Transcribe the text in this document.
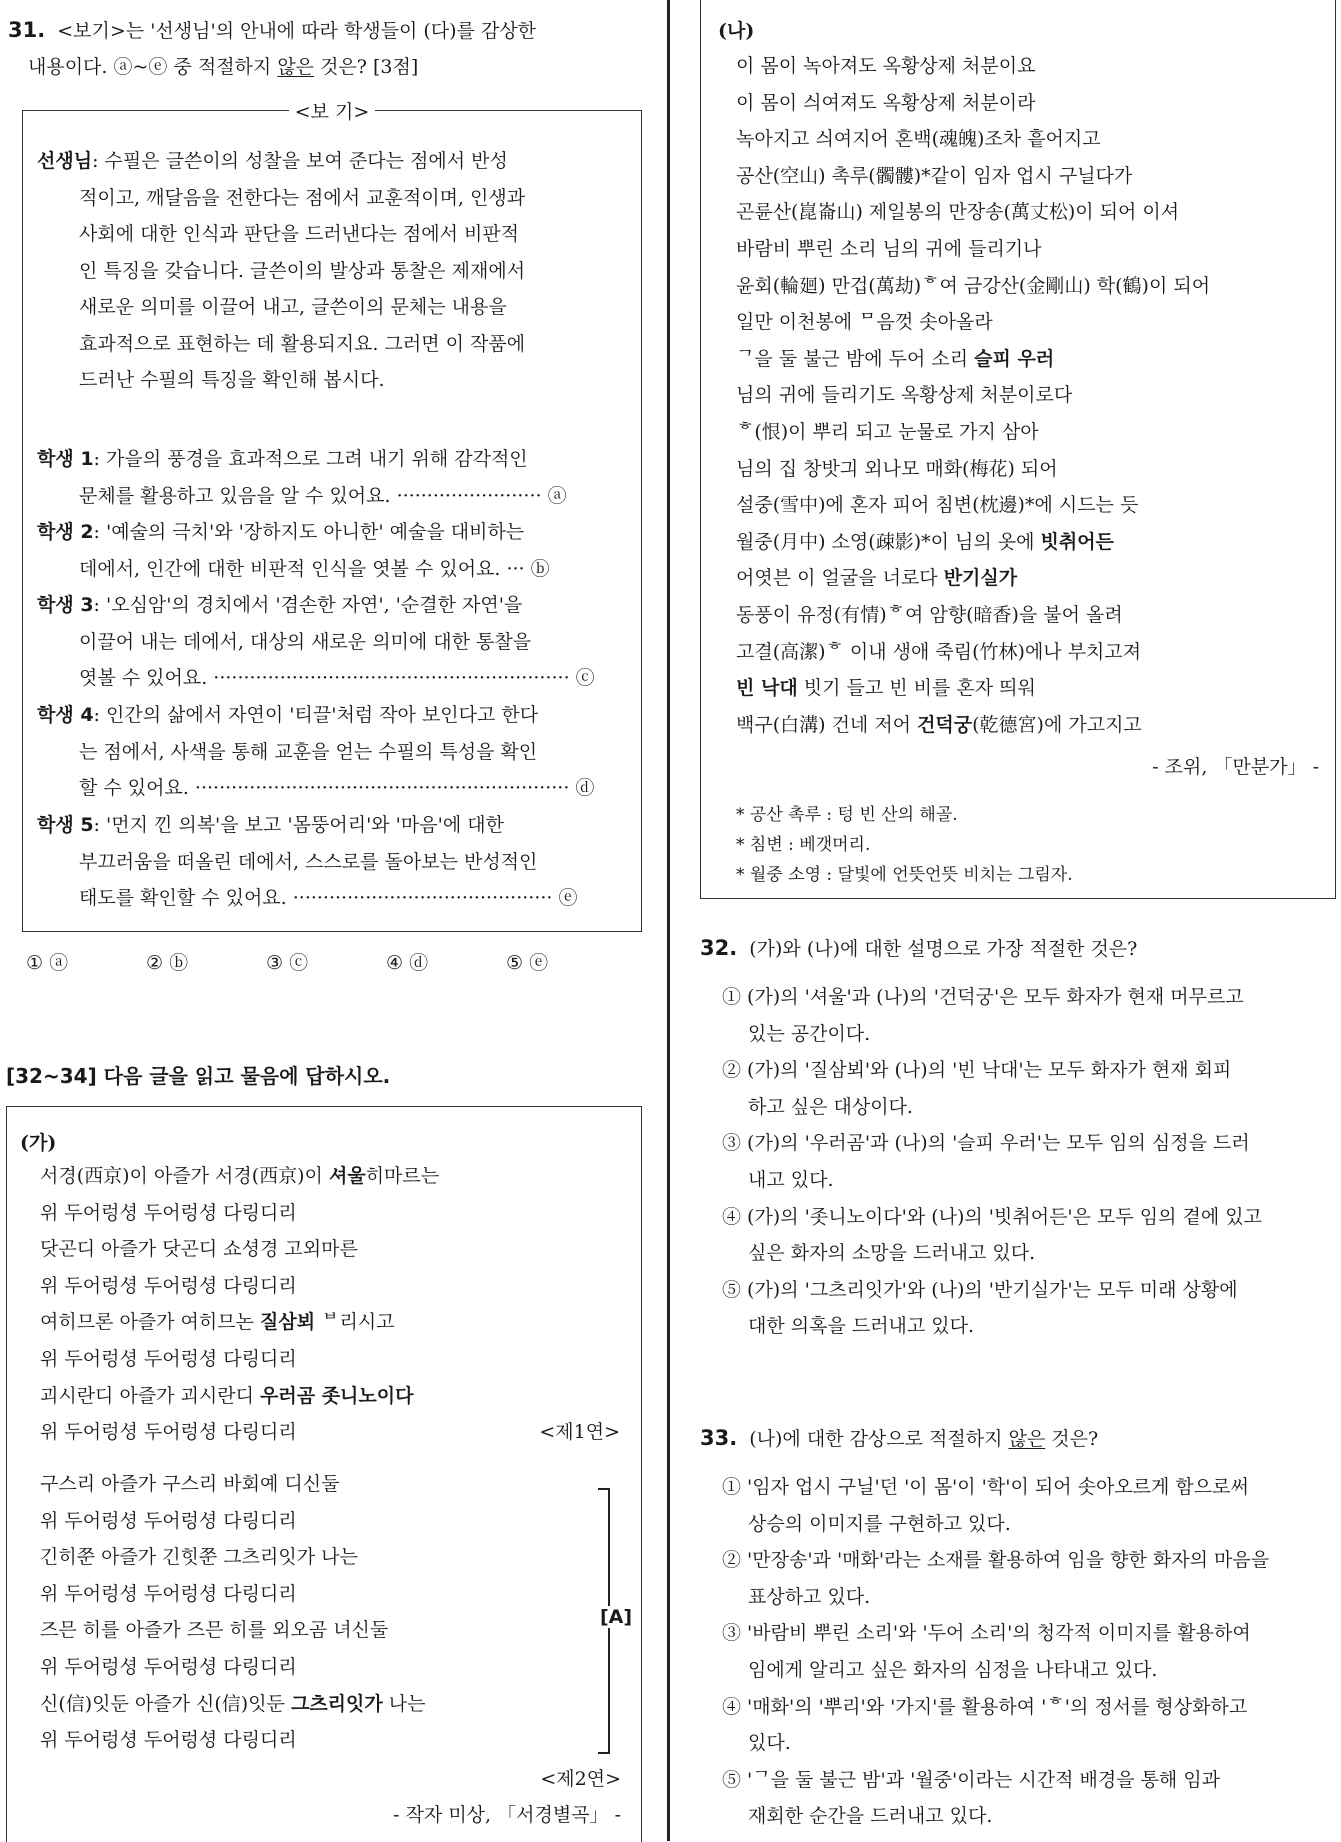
31. <보기>는 '선생님'의 안내에 따라 학생들이 (다)를 감상한
내용이다. ⓐ~ⓔ 중 적절하지 않은 것은? [3점]
<보 기>
선생님: 수필은 글쓴이의 성찰을 보여 준다는 점에서 반성
적이고, 깨달음을 전한다는 점에서 교훈적이며, 인생과
사회에 대한 인식과 판단을 드러낸다는 점에서 비판적
인 특징을 갖습니다. 글쓴이의 발상과 통찰은 제재에서
새로운 의미를 이끌어 내고, 글쓴이의 문체는 내용을
효과적으로 표현하는 데 활용되지요. 그러면 이 작품에
드러난 수필의 특징을 확인해 봅시다.
학생 1: 가을의 풍경을 효과적으로 그려 내기 위해 감각적인
문체를 활용하고 있음을 알 수 있어요. ························ ⓐ
학생 2: '예술의 극치'와 '장하지도 아니한' 예술을 대비하는
데에서, 인간에 대한 비판적 인식을 엿볼 수 있어요. ··· ⓑ
학생 3: '오심암'의 경치에서 '겸손한 자연', '순결한 자연'을
이끌어 내는 데에서, 대상의 새로운 의미에 대한 통찰을
엿볼 수 있어요. ··························································· ⓒ
학생 4: 인간의 삶에서 자연이 '티끌'처럼 작아 보인다고 한다
는 점에서, 사색을 통해 교훈을 얻는 수필의 특성을 확인
할 수 있어요. ······························································ ⓓ
학생 5: '먼지 낀 의복'을 보고 '몸뚱어리'와 '마음'에 대한
부끄러움을 떠올린 데에서, 스스로를 돌아보는 반성적인
태도를 확인할 수 있어요. ··········································· ⓔ
① ⓐ	② ⓑ	③ ⓒ	④ ⓓ	⑤ ⓔ
[32~34] 다음 글을 읽고 물음에 답하시오.
(가)
서경(西京)이 아즐가 서경(西京)이 셔울히마르는
위 두어렁셩 두어렁셩 다링디리
닷곤디 아즐가 닷곤디 쇼셩경 고외마른
위 두어렁셩 두어렁셩 다링디리
여히므론 아즐가 여히므논 질삼뵈 ᄇ리시고
위 두어렁셩 두어렁셩 다링디리
괴시란디 아즐가 괴시란디 우러곰 좃니노이다
위 두어렁셩 두어렁셩 다링디리	<제1연>
구스리 아즐가 구스리 바회예 디신둘
위 두어렁셩 두어렁셩 다링디리
긴히쭌 아즐가 긴힛쭌 그츠리잇가 나는
위 두어렁셩 두어렁셩 다링디리
즈믄 히를 아즐가 즈믄 히를 외오곰 녀신둘
위 두어렁셩 두어렁셩 다링디리
신(信)잇둔 아즐가 신(信)잇둔 그츠리잇가 나는
위 두어렁셩 두어렁셩 다링디리
[A]
<제2연>
- 작자 미상, 「서경별곡」 -
(나)
이 몸이 녹아져도 옥황상제 처분이요
이 몸이 싀여져도 옥황상제 처분이라
녹아지고 싀여지어 혼백(魂魄)조차 흩어지고
공산(空山) 촉루(髑髏)*같이 임자 업시 구닐다가
곤륜산(崑崙山) 제일봉의 만장송(萬丈松)이 되어 이셔
바람비 뿌린 소리 님의 귀에 들리기나
윤회(輪廻) 만겁(萬劫)ᄒ여 금강산(金剛山) 학(鶴)이 되어
일만 이천봉에 ᄆ음껏 솟아올라
ᄀ을 둘 불근 밤에 두어 소리 슬피 우러
님의 귀에 들리기도 옥황상제 처분이로다
ᄒ(恨)이 뿌리 되고 눈물로 가지 삼아
님의 집 창밧긔 외나모 매화(梅花) 되어
설중(雪中)에 혼자 피어 침변(枕邊)*에 시드는 듯
월중(月中) 소영(疎影)*이 님의 옷에 빗취어든
어엿븐 이 얼굴을 너로다 반기실가
동풍이 유정(有情)ᄒ여 암향(暗香)을 불어 올려
고결(高潔)ᄒ 이내 생애 죽림(竹林)에나 부치고져
빈 낙대 빗기 들고 빈 비를 혼자 띄워
백구(白溝) 건네 저어 건덕궁(乾德宮)에 가고지고
- 조위, 「만분가」 -
* 공산 촉루 : 텅 빈 산의 해골.
* 침변 : 베갯머리.
* 월중 소영 : 달빛에 언뜻언뜻 비치는 그림자.
32. (가)와 (나)에 대한 설명으로 가장 적절한 것은?
① (가)의 '셔울'과 (나)의 '건덕궁'은 모두 화자가 현재 머무르고
있는 공간이다.
② (가)의 '질삼뵈'와 (나)의 '빈 낙대'는 모두 화자가 현재 회피
하고 싶은 대상이다.
③ (가)의 '우러곰'과 (나)의 '슬피 우러'는 모두 임의 심정을 드러
내고 있다.
④ (가)의 '좃니노이다'와 (나)의 '빗취어든'은 모두 임의 곁에 있고
싶은 화자의 소망을 드러내고 있다.
⑤ (가)의 '그츠리잇가'와 (나)의 '반기실가'는 모두 미래 상황에
대한 의혹을 드러내고 있다.
33. (나)에 대한 감상으로 적절하지 않은 것은?
① '임자 업시 구닐'던 '이 몸'이 '학'이 되어 솟아오르게 함으로써
상승의 이미지를 구현하고 있다.
② '만장송'과 '매화'라는 소재를 활용하여 임을 향한 화자의 마음을
표상하고 있다.
③ '바람비 뿌린 소리'와 '두어 소리'의 청각적 이미지를 활용하여
임에게 알리고 싶은 화자의 심정을 나타내고 있다.
④ '매화'의 '뿌리'와 '가지'를 활용하여 'ᄒ'의 정서를 형상화하고
있다.
⑤ 'ᄀ을 둘 불근 밤'과 '월중'이라는 시간적 배경을 통해 임과
재회한 순간을 드러내고 있다.
